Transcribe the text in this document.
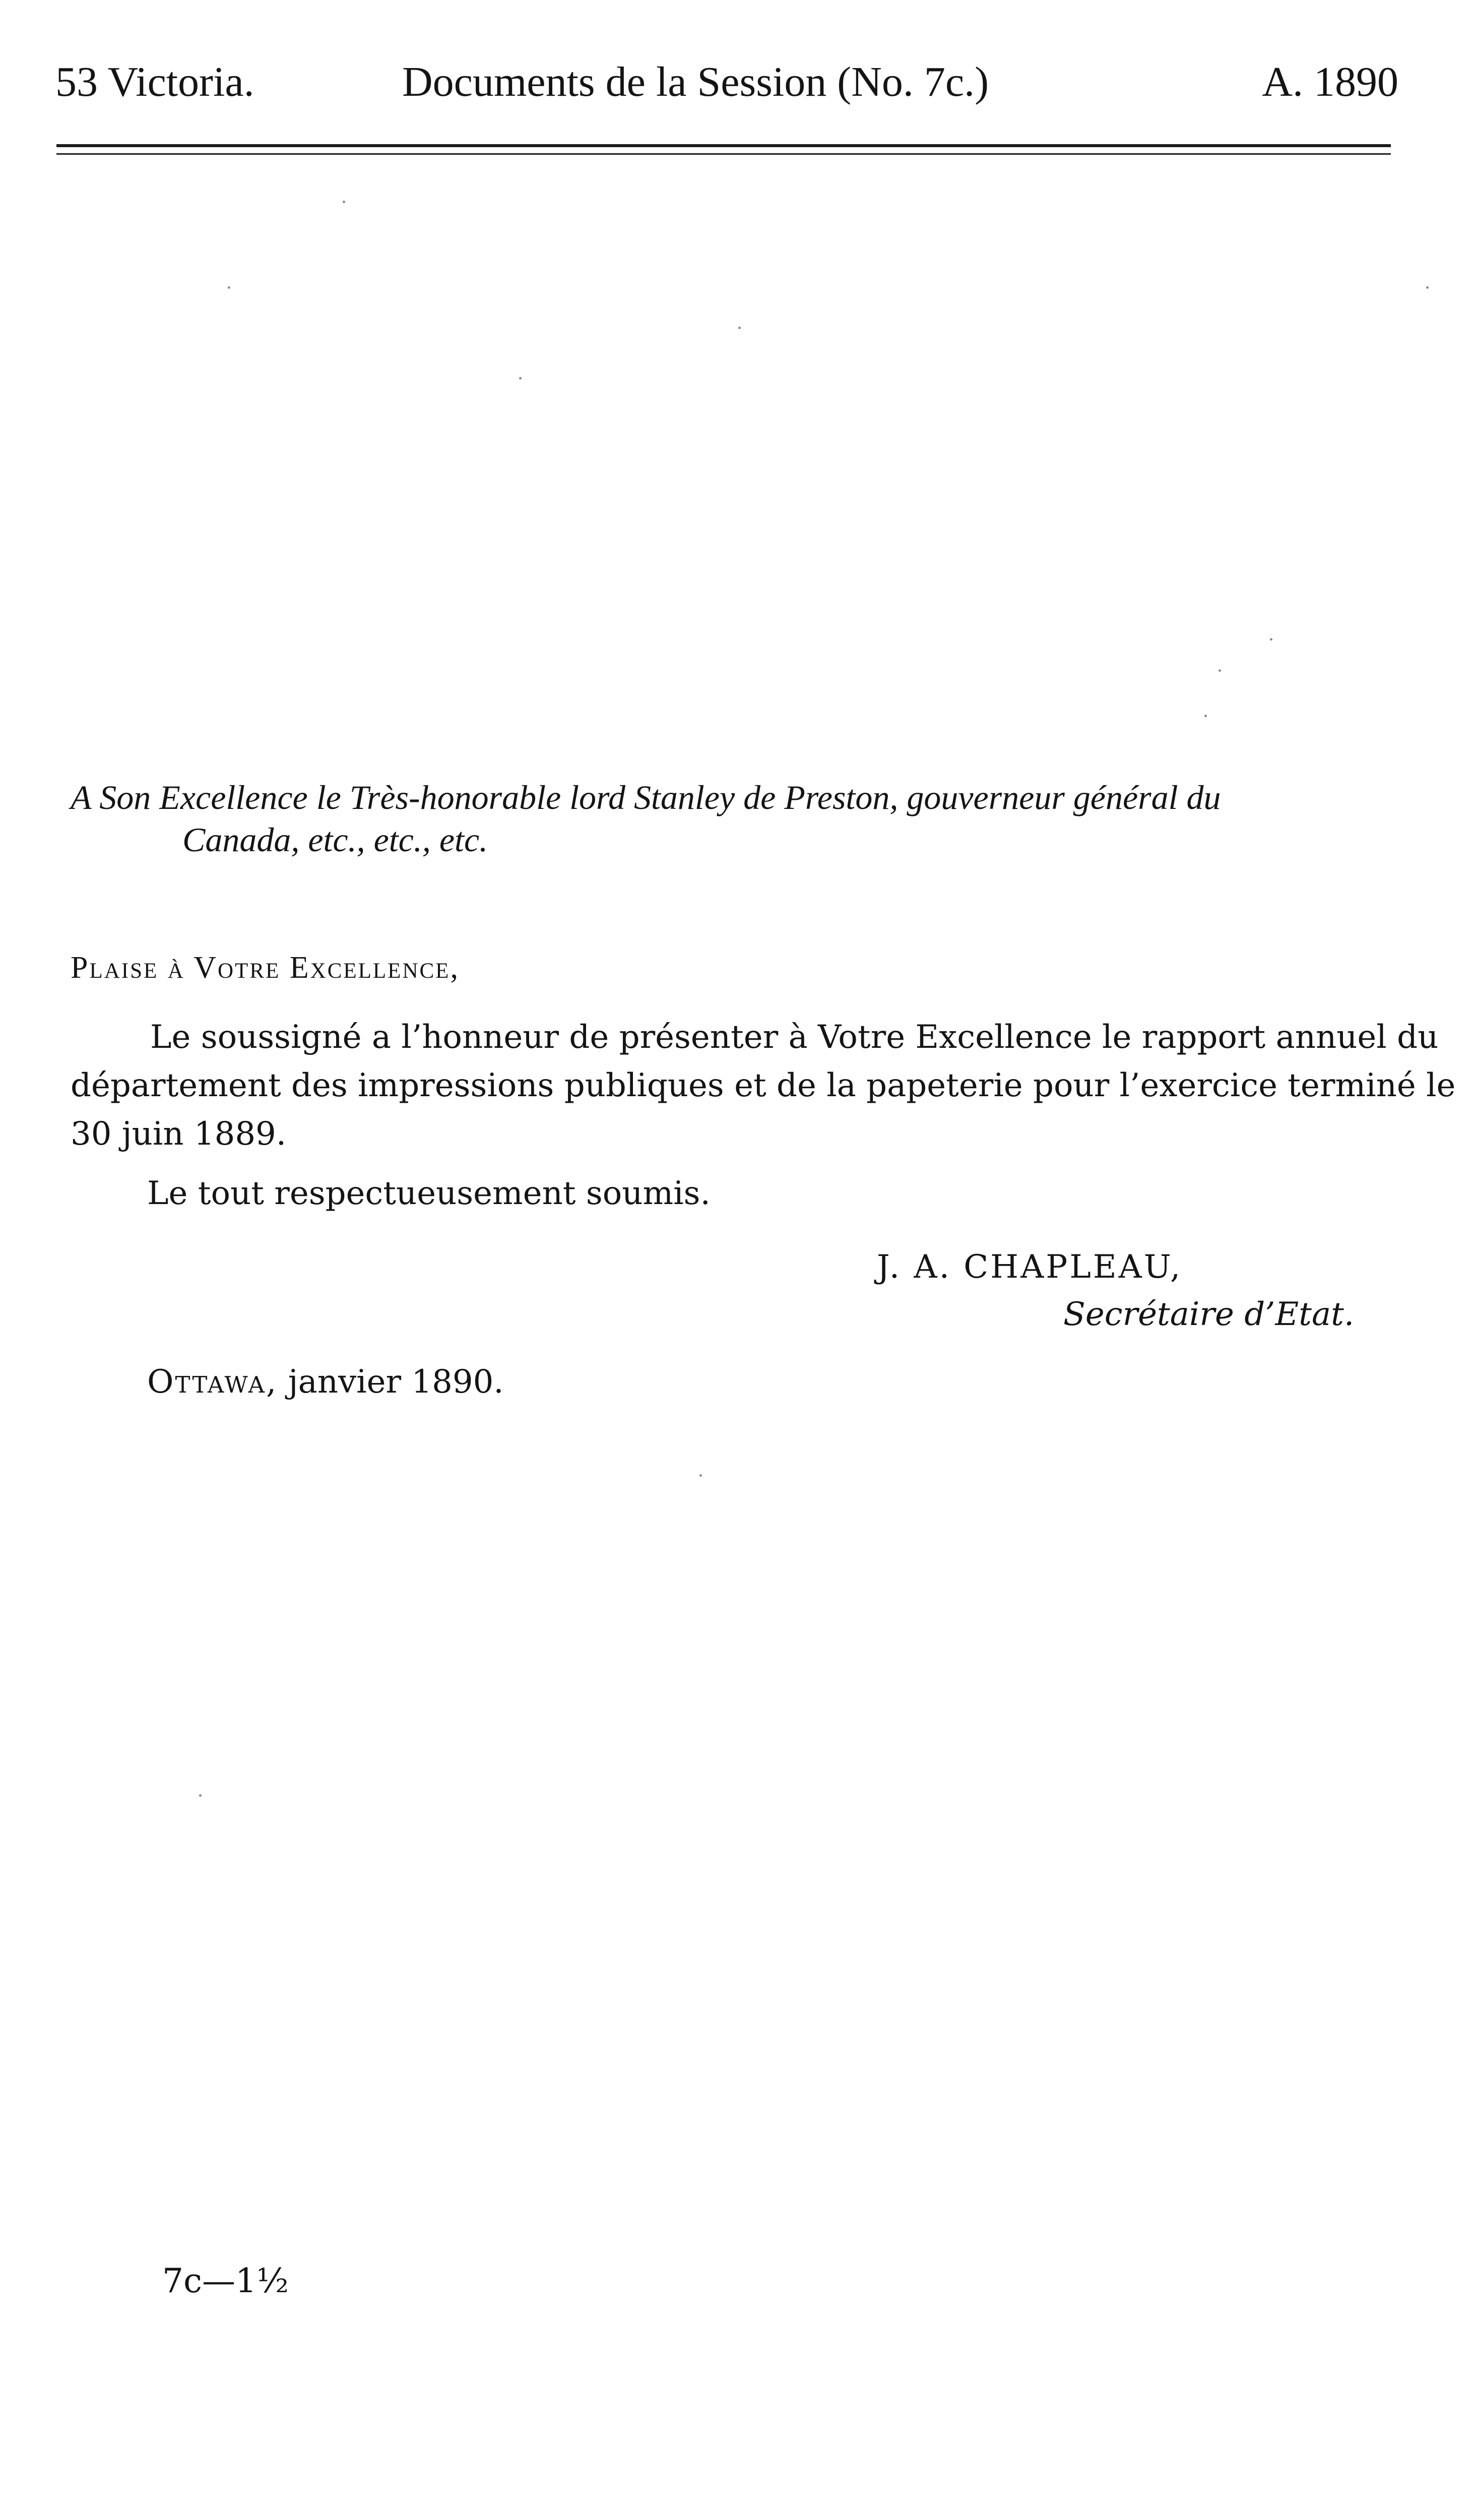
53 Victoria.	Documents de la Session (No. 7c.)	A. 1890
A Son Excellence le Très-honorable lord Stanley de Preston, gouverneur général du
Canada, etc., etc., etc.
Plaise à Votre Excellence,
Le soussigné a l’honneur de présenter à Votre Excellence le rapport annuel du
département des impressions publiques et de la papeterie pour l’exercice terminé le
30 juin 1889.
Le tout respectueusement soumis.
J. A. CHAPLEAU,
Secrétaire d’Etat.
Ottawa, janvier 1890.
7c—1½
